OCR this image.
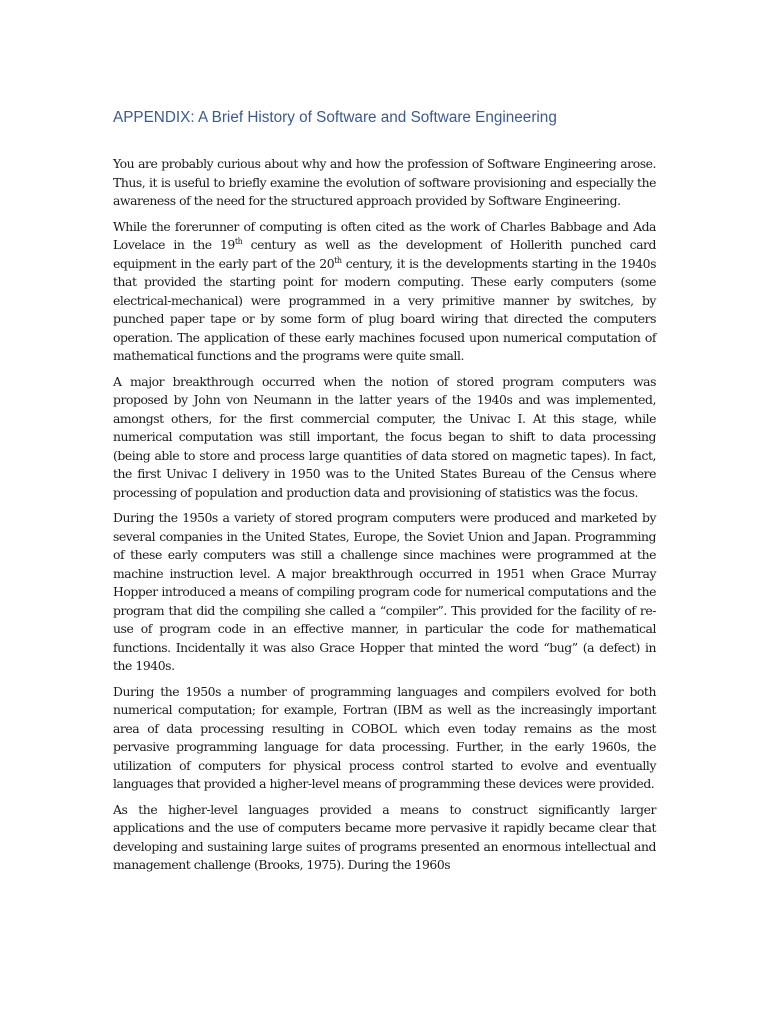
APPENDIX: A Brief History of Software and Software Engineering

You are probably curious about why and how the profession of Software Engineering arose. Thus, it is useful to briefly examine the evolution of software provisioning and especially the awareness of the need for the structured approach provided by Software Engineering.

While the forerunner of computing is often cited as the work of Charles Babbage and Ada Lovelace in the 19th century as well as the development of Hollerith punched card equipment in the early part of the 20th century, it is the developments starting in the 1940s that provided the starting point for modern computing. These early computers (some electrical-mechanical) were programmed in a very primitive manner by switches, by punched paper tape or by some form of plug board wiring that directed the computers operation. The application of these early machines focused upon numerical computation of mathematical functions and the programs were quite small.

A major breakthrough occurred when the notion of stored program computers was proposed by John von Neumann in the latter years of the 1940s and was implemented, amongst others, for the first commercial computer, the Univac I. At this stage, while numerical computation was still important, the focus began to shift to data processing (being able to store and process large quantities of data stored on magnetic tapes). In fact, the first Univac I delivery in 1950 was to the United States Bureau of the Census where processing of population and production data and provisioning of statistics was the focus.

During the 1950s a variety of stored program computers were produced and marketed by several companies in the United States, Europe, the Soviet Union and Japan. Programming of these early computers was still a challenge since machines were programmed at the machine instruction level. A major breakthrough occurred in 1951 when Grace Murray Hopper introduced a means of compiling program code for numerical computations and the program that did the compiling she called a “compiler”. This provided for the facility of re-use of program code in an effective manner, in particular the code for mathematical functions. Incidentally it was also Grace Hopper that minted the word “bug” (a defect) in the 1940s.

During the 1950s a number of programming languages and compilers evolved for both numerical computation; for example, Fortran (IBM as well as the increasingly important area of data processing resulting in COBOL which even today remains as the most pervasive programming language for data processing. Further, in the early 1960s, the utilization of computers for physical process control started to evolve and eventually languages that provided a higher-level means of programming these devices were provided.

As the higher-level languages provided a means to construct significantly larger applications and the use of computers became more pervasive it rapidly became clear that developing and sustaining large suites of programs presented an enormous intellectual and management challenge (Brooks, 1975). During the 1960s
